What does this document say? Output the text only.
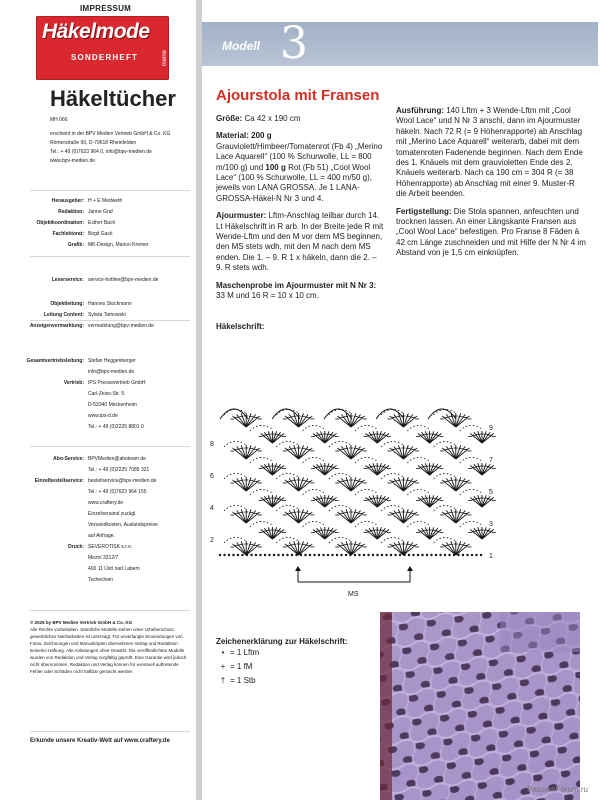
IMPRESSUM
Häkelmode
SONDERHEFT	meine
Häkeltücher
MH 066
erscheint in der BPV Medien Vertrieb GmbH & Co. KG
Römerstraße 90, D-79618 Rheinfelden
Tel.: + 49 (0)7623 964 0, info@bpv-medien.de
www.bpv-medien.de
Herausgeber: H + E Medweth
Redaktion: Janne Graf
Objektkoordination: Esther Bach
Fachlektorat: Birgit Gack
Grafik: MK-Design, Marion Kremer
Leserservice: service-hotline@bpv-medien.de
Objektleitung: Hannes Stockmann
Leitung Content: Sylwia Tamowski
Anzeigenvermarktung: vermarktung@bpv-medien.de
Gesamtvertriebsleitung: Stefan Heggenberger
info@bpv-medien.de
Vertrieb: IPS Pressevertrieb GmbH
Carl-Zeiss-Str. 5
D-53340 Meckenheim
www.ips-d.de
Tel.: + 49 (0)2225 8801 0
Abo-Service: BPVMedien@aboteam.de
Tel.: + 49 (0)2225 7085 321
Einzelbestellservice: bestellservice@bpv-medien.de
Tel.: + 49 (0)7623 964 155
www.craftery.de
Einzelversand zuzügl.
Versandkosten, Auslandspreise
auf Anfrage.
Druck: SEVEROTISK s.r.o.
Mezní 3312/7
400 11 Ústí nad Labem
Tschechien
© 2025 by BPV Medien Vertrieb GmbH & Co. KG
Alle Rechte vorbehalten. Sämtliche Modelle stehen unter Urheberschutz, gewerbliches Nacharbeiten ist untersagt. Für unverlangte Einsendungen von Fotos, Zeichnungen und Manuskripten übernehmen Verlag und Redaktion keinerlei Haftung. Alle Anleitungen ohne Gewähr. Die veröffentlichten Modelle wurden von Redaktion und Verlag sorgfältig geprüft. Eine Garantie wird jedoch nicht übernommen. Redaktion und Verlag können für eventuell auftretende Fehler oder Schäden nicht haftbar gemacht werden.
Erkunde unsere Kreativ-Welt auf www.craftery.de
Modell 3
Ajourstola mit Fransen

Größe: Ca 42 x 190 cm

Material: 200 g Grauviolett/Himbeer/Tomatenrot (Fb 4) „Merino Lace Aquarell“ (100 % Schurwolle, LL = 800 m/100 g) und 100 g Rot (Fb 51) „Cool Wool Lace“ (100 % Schurwolle, LL = 400 m/50 g), jeweils von LANA GROSSA. Je 1 LANA-GROSSA-Häkel-N Nr 3 und 4.

Ajourmuster: Lftm-Anschlag teilbar durch 14. Lt Häkelschrift in R arb. In der Breite jede R mit Wende-Lftm und den M vor dem MS beginnen, den MS stets wdh, mit den M nach dem MS enden. Die 1. – 9. R 1 x häkeln, dann die 2. – 9. R stets wdh.

Maschenprobe im Ajourmuster mit N Nr 3:
33 M und 16 R = 10 x 10 cm.

Ausführung: 140 Lftm + 3 Wende-Lftm mit „Cool Wool Lace“ und N Nr 3 anschl, dann im Ajourmuster häkeln. Nach 72 R (= 9 Höhenrapporte) ab Anschlag mit „Merino Lace Aquarell“ weiterarb, dabei mit dem tomatenroten Fadenende beginnen. Nach dem Ende des 1. Knäuels mit dem grauvioletten Ende des 2. Knäuels weiterarb. Nach ca 190 cm = 304 R (= 38 Höhenrapporte) ab Anschlag mit einer 9. Muster-R die Arbeit beenden.

Fertigstellung: Die Stola spannen, anfeuchten und trocknen lassen. An einer Längskante Fransen aus „Cool Wool Lace“ befestigen. Pro Franse 8 Fäden à 42 cm Länge zuschneiden und mit Hilfe der N Nr 4 im Abstand von je 1,5 cm einknüpfen.

Häkelschrift:
1
2
3
4
5
6
7
8
9
MS
Zeichenerklärung zur Häkelschrift:
• = 1 Lftm
+ = 1 fM
† = 1 Stb
PassionForum.ru
